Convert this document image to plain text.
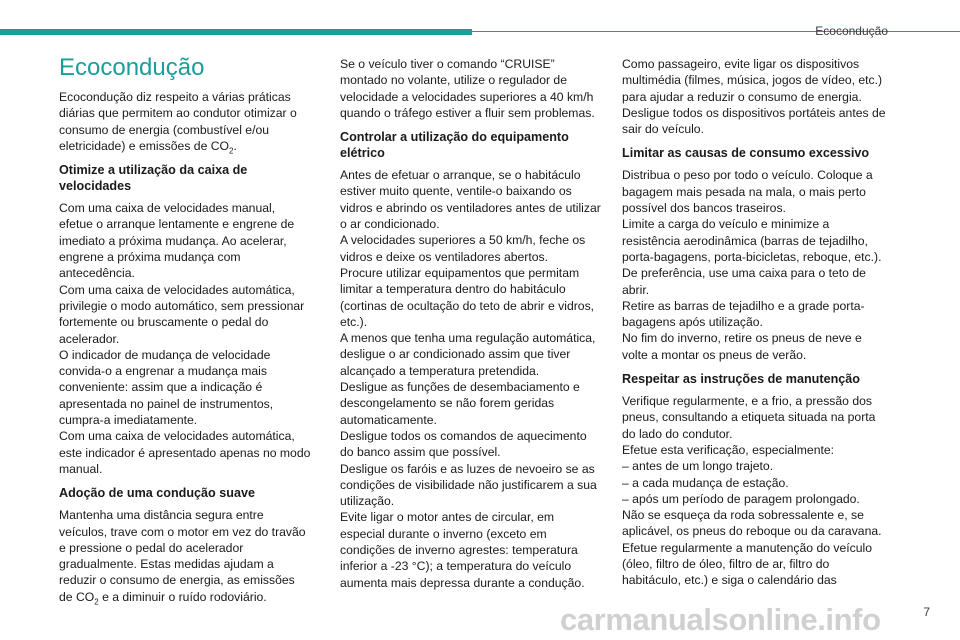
Ecocondução
Ecocondução

Ecocondução diz respeito a várias práticas diárias que permitem ao condutor otimizar o consumo de energia (combustível e/ou eletricidade) e emissões de $CO_2$.

Otimize a utilização da caixa de velocidades

Com uma caixa de velocidades manual, efetue o arranque lentamente e engrene de imediato a próxima mudança. Ao acelerar, engrene a próxima mudança com antecedência.

Com uma caixa de velocidades automática, privilegie o modo automático, sem pressionar fortemente ou bruscamente o pedal do acelerador.

O indicador de mudança de velocidade convida-o a engrenar a mudança mais conveniente: assim que a indicação é apresentada no painel de instrumentos, cumpra-a imediatamente.

Com uma caixa de velocidades automática, este indicador é apresentado apenas no modo manual.

Adoção de uma condução suave

Mantenha uma distância segura entre veículos, trave com o motor em vez do travão e pressione o pedal do acelerador gradualmente. Estas medidas ajudam a reduzir o consumo de energia, as emissões de $CO_2$ e a diminuir o ruído rodoviário.

Se o veículo tiver o comando “CRUISE” montado no volante, utilize o regulador de velocidade a velocidades superiores a 40 km/h quando o tráfego estiver a fluir sem problemas.

Controlar a utilização do equipamento elétrico

Antes de efetuar o arranque, se o habitáculo estiver muito quente, ventile-o baixando os vidros e abrindo os ventiladores antes de utilizar o ar condicionado.

A velocidades superiores a 50 km/h, feche os vidros e deixe os ventiladores abertos.

Procure utilizar equipamentos que permitam limitar a temperatura dentro do habitáculo (cortinas de ocultação do teto de abrir e vidros, etc.).

A menos que tenha uma regulação automática, desligue o ar condicionado assim que tiver alcançado a temperatura pretendida.

Desligue as funções de desembaciamento e descongelamento se não forem geridas automaticamente.

Desligue todos os comandos de aquecimento do banco assim que possível.

Desligue os faróis e as luzes de nevoeiro se as condições de visibilidade não justificarem a sua utilização.

Evite ligar o motor antes de circular, em especial durante o inverno (exceto em condições de inverno agrestes: temperatura inferior a -23 °C); a temperatura do veículo aumenta mais depressa durante a condução.

Como passageiro, evite ligar os dispositivos multimédia (filmes, música, jogos de vídeo, etc.) para ajudar a reduzir o consumo de energia. Desligue todos os dispositivos portáteis antes de sair do veículo.

Limitar as causas de consumo excessivo

Distribua o peso por todo o veículo. Coloque a bagagem mais pesada na mala, o mais perto possível dos bancos traseiros.

Limite a carga do veículo e minimize a resistência aerodinâmica (barras de tejadilho, porta-bagagens, porta-bicicletas, reboque, etc.). De preferência, use uma caixa para o teto de abrir.

Retire as barras de tejadilho e a grade porta-bagagens após utilização.

No fim do inverno, retire os pneus de neve e volte a montar os pneus de verão.

Respeitar as instruções de manutenção

Verifique regularmente, e a frio, a pressão dos pneus, consultando a etiqueta situada na porta do lado do condutor.

Efetue esta verificação, especialmente:

– antes de um longo trajeto.

– a cada mudança de estação.

– após um período de paragem prolongado.

Não se esqueça da roda sobressalente e, se aplicável, os pneus do reboque ou da caravana.

Efetue regularmente a manutenção do veículo (óleo, filtro de óleo, filtro de ar, filtro do habitáculo, etc.) e siga o calendário das

carmanualsonline.info	7
